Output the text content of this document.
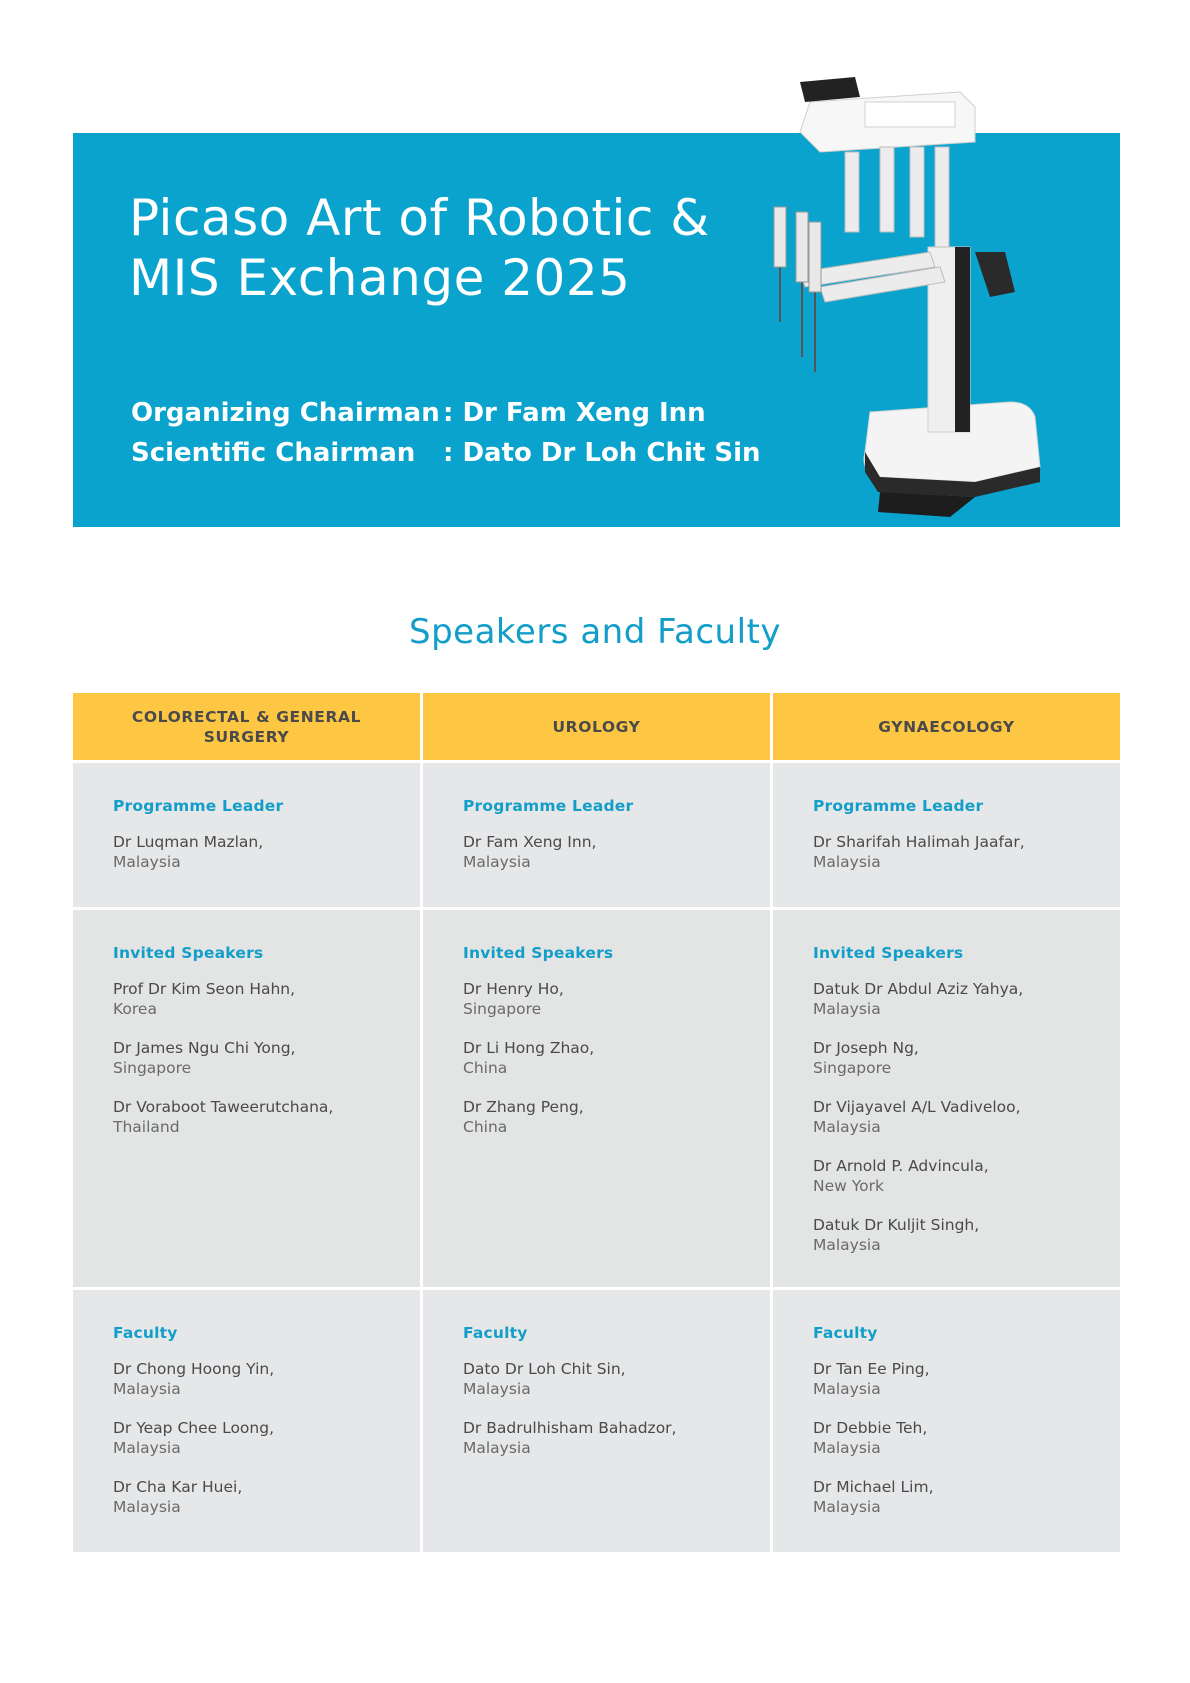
Picaso Art of Robotic & MIS Exchange 2025
Organizing Chairman : Dr Fam Xeng Inn
Scientific Chairman : Dato Dr Loh Chit Sin
Speakers and Faculty
COLORECTAL & GENERAL SURGERY
UROLOGY	GYNAECOLOGY
Programme Leader
Dr Luqman Mazlan,
Malaysia
Programme Leader
Dr Fam Xeng Inn,
Malaysia
Programme Leader
Dr Sharifah Halimah Jaafar,
Malaysia
Invited Speakers
Prof Dr Kim Seon Hahn,
Korea
Dr James Ngu Chi Yong,
Singapore
Dr Voraboot Taweerutchana,
Thailand
Invited Speakers
Dr Henry Ho,
Singapore
Dr Li Hong Zhao,
China
Dr Zhang Peng,
China
Invited Speakers
Datuk Dr Abdul Aziz Yahya,
Malaysia
Dr Joseph Ng,
Singapore
Dr Vijayavel A/L Vadiveloo,
Malaysia
Dr Arnold P. Advincula,
New York
Datuk Dr Kuljit Singh,
Malaysia
Faculty
Dr Chong Hoong Yin,
Malaysia
Dr Yeap Chee Loong,
Malaysia
Dr Cha Kar Huei,
Malaysia
Faculty
Dato Dr Loh Chit Sin,
Malaysia
Dr Badrulhisham Bahadzor,
Malaysia
Faculty
Dr Tan Ee Ping,
Malaysia
Dr Debbie Teh,
Malaysia
Dr Michael Lim,
Malaysia
